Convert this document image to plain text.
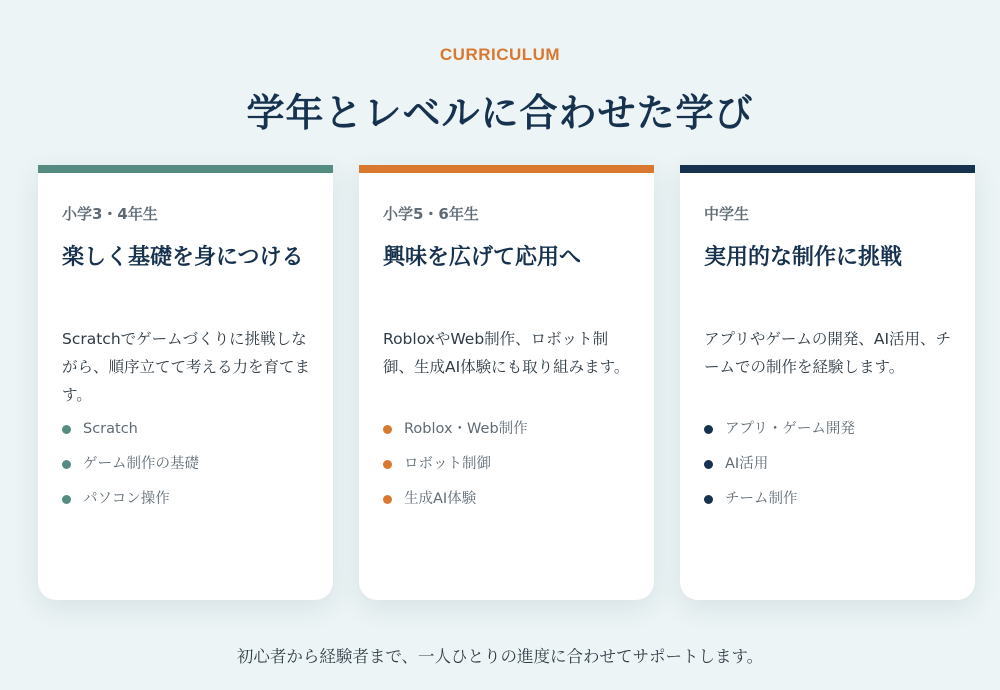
CURRICULUM
学年とレベルに合わせた学び
小学3・4年生
楽しく基礎を身につける

Scratchでゲームづくりに挑戦しながら、順序立てて考える力を育てます。

Scratch
ゲーム制作の基礎
パソコン操作
小学5・6年生
興味を広げて応用へ

RobloxやWeb制作、ロボット制御、生成AI体験にも取り組みます。

Roblox・Web制作
ロボット制御
生成AI体験
中学生
実用的な制作に挑戦

アプリやゲームの開発、AI活用、チームでの制作を経験します。

アプリ・ゲーム開発
AI活用
チーム制作
初心者から経験者まで、一人ひとりの進度に合わせてサポートします。
